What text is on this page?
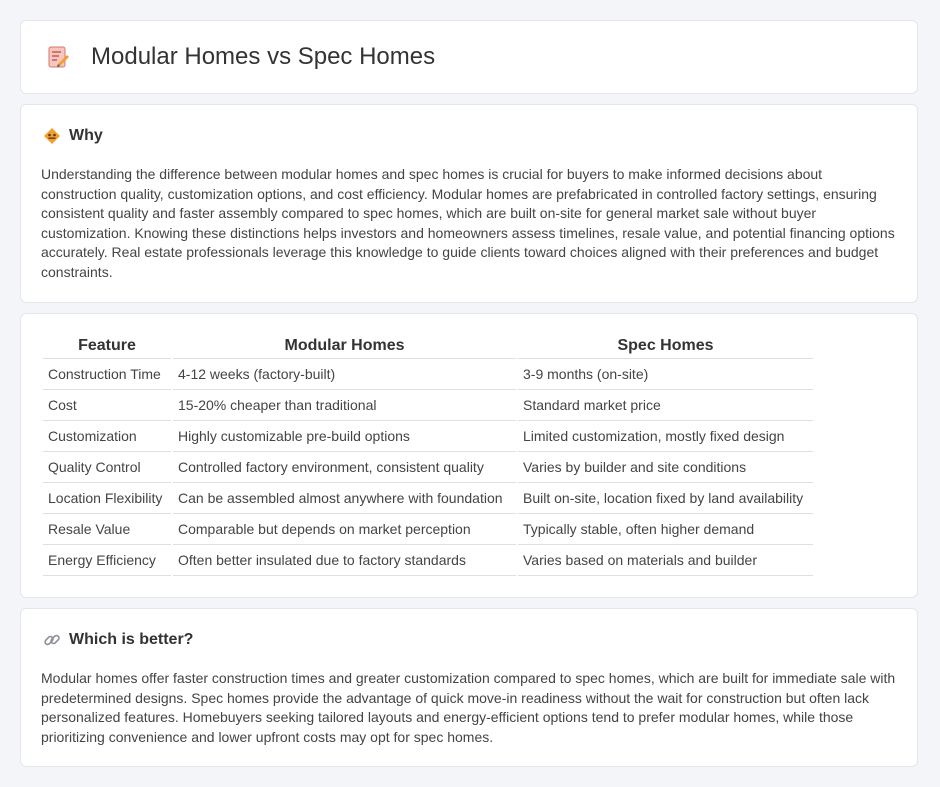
Modular Homes vs Spec Homes
Why
Understanding the difference between modular homes and spec homes is crucial for buyers to make informed decisions about construction quality, customization options, and cost efficiency. Modular homes are prefabricated in controlled factory settings, ensuring consistent quality and faster assembly compared to spec homes, which are built on-site for general market sale without buyer customization. Knowing these distinctions helps investors and homeowners assess timelines, resale value, and potential financing options accurately. Real estate professionals leverage this knowledge to guide clients toward choices aligned with their preferences and budget constraints.
Feature	Modular Homes	Spec Homes
Construction Time	4-12 weeks (factory-built)	3-9 months (on-site)
Cost	15-20% cheaper than traditional	Standard market price
Customization	Highly customizable pre-build options	Limited customization, mostly fixed design
Quality Control	Controlled factory environment, consistent quality	Varies by builder and site conditions
Location Flexibility	Can be assembled almost anywhere with foundation	Built on-site, location fixed by land availability
Resale Value	Comparable but depends on market perception	Typically stable, often higher demand
Energy Efficiency	Often better insulated due to factory standards	Varies based on materials and builder
Which is better?
Modular homes offer faster construction times and greater customization compared to spec homes, which are built for immediate sale with predetermined designs. Spec homes provide the advantage of quick move-in readiness without the wait for construction but often lack personalized features. Homebuyers seeking tailored layouts and energy-efficient options tend to prefer modular homes, while those prioritizing convenience and lower upfront costs may opt for spec homes.
